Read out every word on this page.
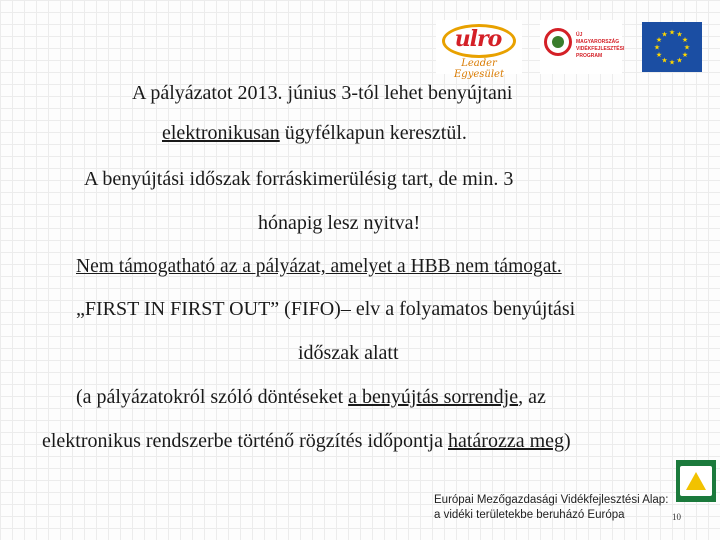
ulro
Leader Egyesület
ÚJ MAGYARORSZÁG VIDÉKFEJLESZTÉSI PROGRAM
★
★
★
★
★
★
★
★
★ ★ ★
★
A pályázatot 2013. június 3-tól lehet benyújtani
elektronikusan ügyfélkapun keresztül.
A benyújtási időszak forráskimerülésig tart, de min. 3
hónapig lesz nyitva!
Nem támogatható az a pályázat, amelyet a HBB nem támogat.
„FIRST IN FIRST OUT” (FIFO)– elv a folyamatos benyújtási
időszak alatt
(a pályázatokról szóló döntéseket a benyújtás sorrendje, az
elektronikus rendszerbe történő rögzítés időpontja határozza meg)
Európai Mezőgazdasági Vidékfejlesztési Alap:
a vidéki területekbe beruházó Európa	10
